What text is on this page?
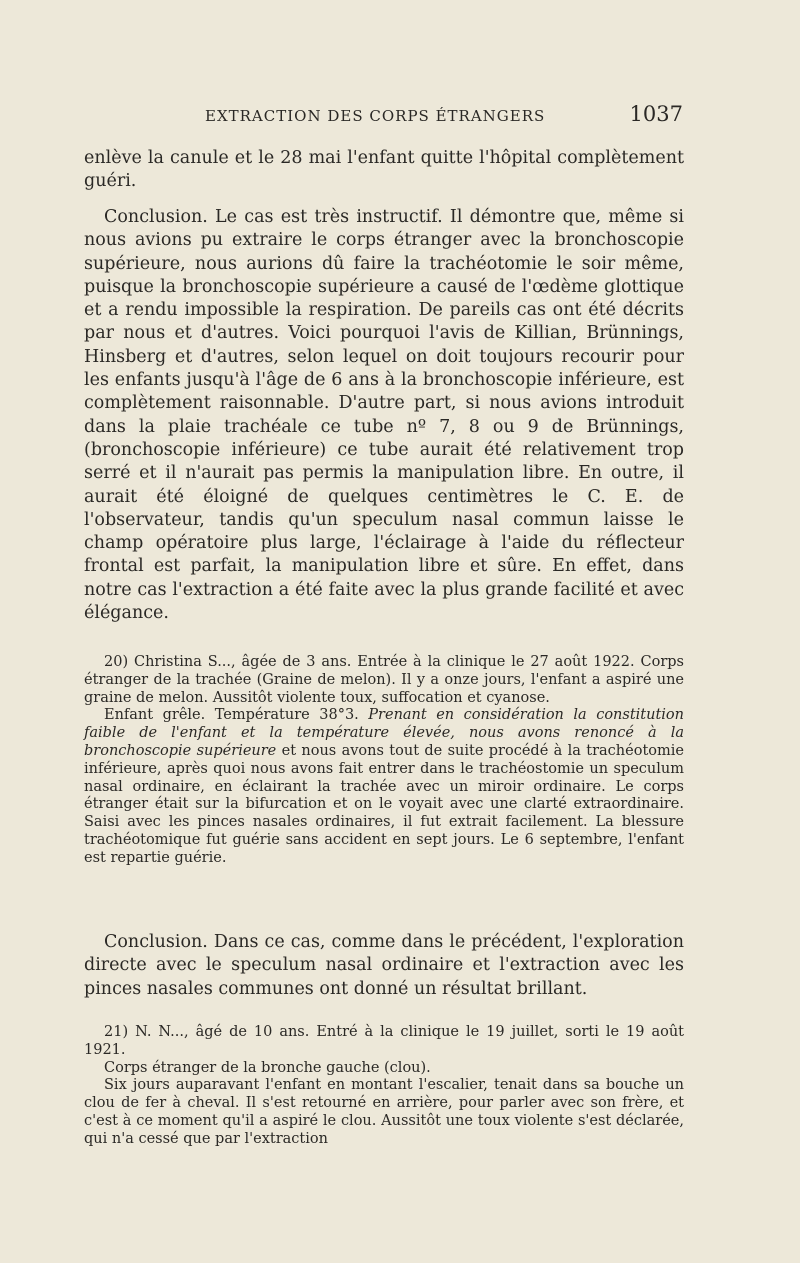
EXTRACTION DES CORPS ÉTRANGERS	1037

enlève la canule et le 28 mai l'enfant quitte l'hôpital complètement guéri.

Conclusion. Le cas est très instructif. Il démontre que, même si nous avions pu extraire le corps étranger avec la bronchoscopie supérieure, nous aurions dû faire la trachéotomie le soir même, puisque la bronchoscopie supérieure a causé de l'œdème glottique et a rendu impossible la respiration. De pareils cas ont été décrits par nous et d'autres. Voici pourquoi l'avis de Killian, Brünnings, Hinsberg et d'autres, selon lequel on doit toujours recourir pour les enfants jusqu'à l'âge de 6 ans à la bronchoscopie inférieure, est complètement raisonnable. D'autre part, si nous avions introduit dans la plaie trachéale ce tube nº 7, 8 ou 9 de Brünnings, (bronchoscopie inférieure) ce tube aurait été relativement trop serré et il n'aurait pas permis la manipulation libre. En outre, il aurait été éloigné de quelques centimètres le C. E. de l'observateur, tandis qu'un speculum nasal commun laisse le champ opératoire plus large, l'éclairage à l'aide du réflecteur frontal est parfait, la manipulation libre et sûre. En effet, dans notre cas l'extraction a été faite avec la plus grande facilité et avec élégance.

20) Christina S..., âgée de 3 ans. Entrée à la clinique le 27 août 1922. Corps étranger de la trachée (Graine de melon). Il y a onze jours, l'enfant a aspiré une graine de melon. Aussitôt violente toux, suffocation et cyanose.

Enfant grêle. Température 38°3. Prenant en considération la constitution faible de l'enfant et la température élevée, nous avons renoncé à la bronchoscopie supérieure et nous avons tout de suite procédé à la trachéotomie inférieure, après quoi nous avons fait entrer dans le trachéostomie un speculum nasal ordinaire, en éclairant la trachée avec un miroir ordinaire. Le corps étranger était sur la bifurcation et on le voyait avec une clarté extraordinaire. Saisi avec les pinces nasales ordinaires, il fut extrait facilement. La blessure trachéotomique fut guérie sans accident en sept jours. Le 6 septembre, l'enfant est repartie guérie.

Conclusion. Dans ce cas, comme dans le précédent, l'exploration directe avec le speculum nasal ordinaire et l'extraction avec les pinces nasales communes ont donné un résultat brillant.

21) N. N..., âgé de 10 ans. Entré à la clinique le 19 juillet, sorti le 19 août 1921.

Corps étranger de la bronche gauche (clou).

Six jours auparavant l'enfant en montant l'escalier, tenait dans sa bouche un clou de fer à cheval. Il s'est retourné en arrière, pour parler avec son frère, et c'est à ce moment qu'il a aspiré le clou. Aussitôt une toux violente s'est déclarée, qui n'a cessé que par l'extraction
